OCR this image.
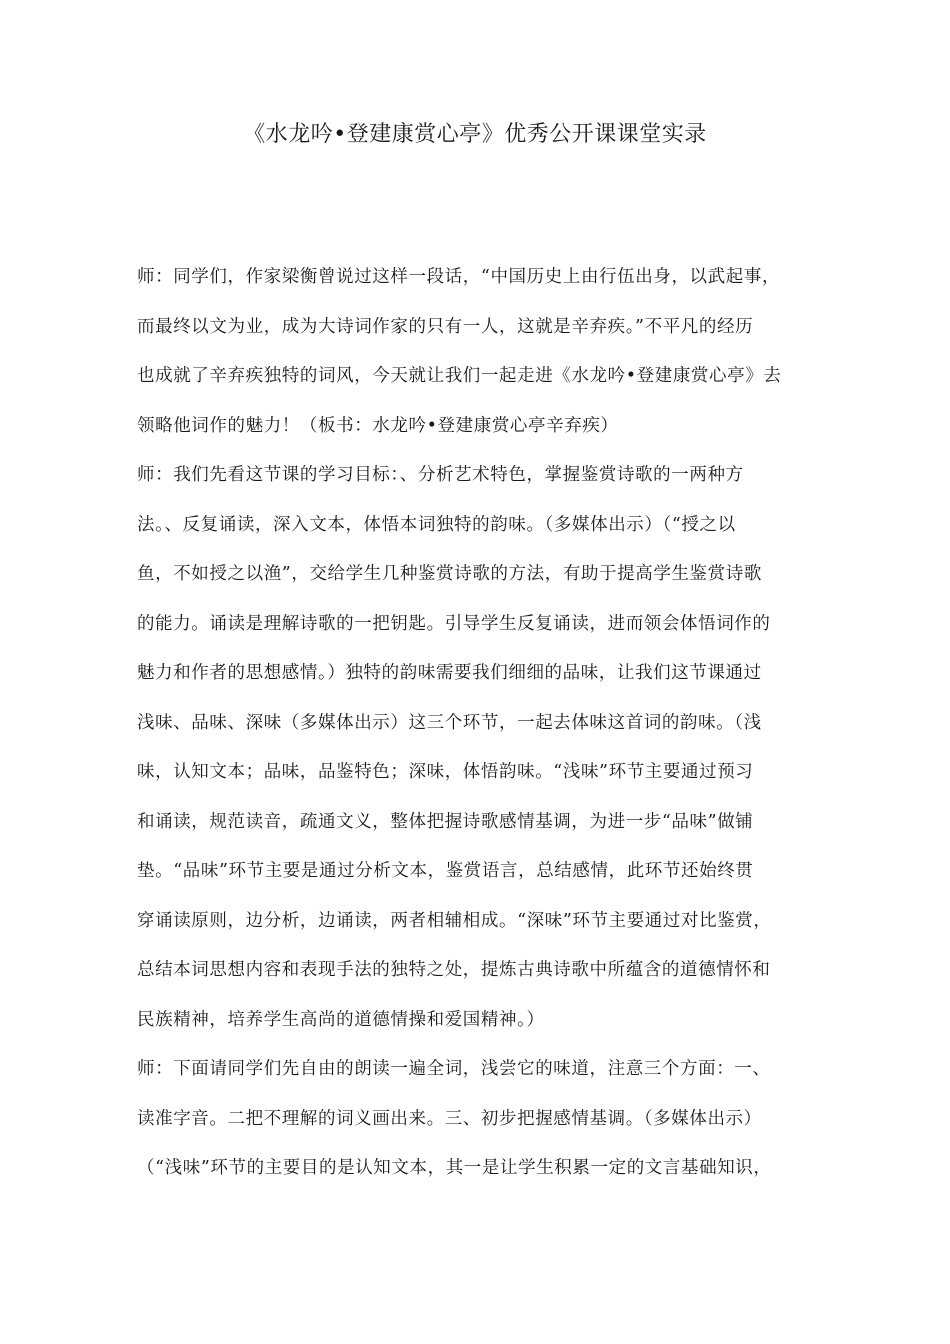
《水龙吟•登建康赏心亭》优秀公开课课堂实录
师：同学们，作家梁衡曾说过这样一段话，“中国历史上由行伍出身，以武起事，
而最终以文为业，成为大诗词作家的只有一人，这就是辛弃疾。”不平凡的经历
也成就了辛弃疾独特的词风，今天就让我们一起走进《水龙吟•登建康赏心亭》去
领略他词作的魅力！（板书：水龙吟•登建康赏心亭辛弃疾）
师：我们先看这节课的学习目标：、分析艺术特色，掌握鉴赏诗歌的一两种方
法。、反复诵读，深入文本，体悟本词独特的韵味。（多媒体出示）（“授之以
鱼，不如授之以渔”，交给学生几种鉴赏诗歌的方法，有助于提高学生鉴赏诗歌
的能力。诵读是理解诗歌的一把钥匙。引导学生反复诵读，进而领会体悟词作的
魅力和作者的思想感情。）独特的韵味需要我们细细的品味，让我们这节课通过
浅味、品味、深味（多媒体出示）这三个环节，一起去体味这首词的韵味。（浅
味，认知文本；品味，品鉴特色；深味，体悟韵味。“浅味”环节主要通过预习
和诵读，规范读音，疏通文义，整体把握诗歌感情基调，为进一步“品味”做铺
垫。“品味”环节主要是通过分析文本，鉴赏语言，总结感情，此环节还始终贯
穿诵读原则，边分析，边诵读，两者相辅相成。“深味”环节主要通过对比鉴赏，
总结本词思想内容和表现手法的独特之处，提炼古典诗歌中所蕴含的道德情怀和
民族精神，培养学生高尚的道德情操和爱国精神。）
师：下面请同学们先自由的朗读一遍全词，浅尝它的味道，注意三个方面：一、
读准字音。二把不理解的词义画出来。三、初步把握感情基调。（多媒体出示）
（“浅味”环节的主要目的是认知文本，其一是让学生积累一定的文言基础知识，
